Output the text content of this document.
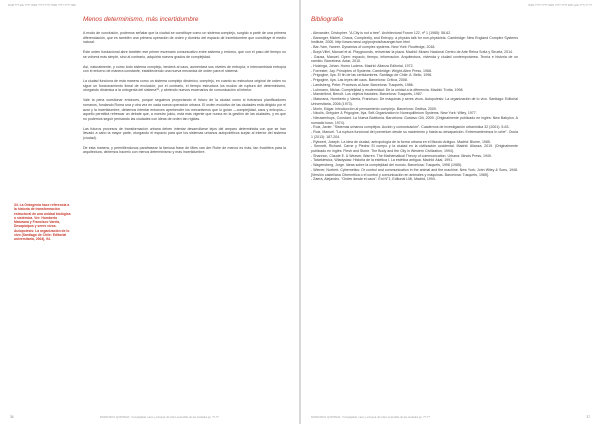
RUM ??? año ???? ISSN ????-???? ISSN ????-???? IMP.
Menos determinismo, más incertidumbre

A modo de conclusión, podemos señalar que la ciudad se constituye como un sistema complejo, surgido a partir de una primera diferenciación, que es también una primera operación de orden y dominio del espacio de incertidumbre que constituye el medio natural.

Este orden fundacional abre también ese primer escenario comunicativo entre sistema y entorno, que con el paso del tiempo no se volverá más simple, sino al contrario, adquirirá nuevos grados de complejidad.

Así, naturalmente, y como todo sistema complejo, tenderá al caos, aumentará sus niveles de entropía, e intercambiará entropía con el entorno de manera constante, estableciendo una nueva mecánica de orden para el sistema.

La ciudad funciona de esta manera como un sistema complejo dinámico; complejo, en cuanto su estructura original de orden no sigue un funcionamiento lineal de evolución; por el contrario, el tiempo estructura los modos de ruptura del determinismo, otorgando dinámica a la ontogenia del sistema³⁴, y abriendo nuevos escenarios de comunicación al interior.

Vale la pena cuestionar entonces, porqué seguimos proyectando el futuro de la ciudad como si fuéramos planificadores romanos, fundando Roma una y otra vez en cada nueva operación urbana. El orden evolutivo de las ciudades está dirigido por el azar y la incertidumbre, debemos intentar entonces aprehender los mecanismos que lo guían —complejidad, caos y entropía— aquello permitirá refrescar un debate que, a nuestro juicio, está más vigente que nunca en la gestión de las ciudades, y es que no podemos seguir pensando las ciudades con ideas de orden tan rígidas.

Las futuros procesos de transformación urbana deben intentar desarrollarse lejos del amparo determinista con que se han llevado a cabo la mayor parte, otorgando el espacio para que los sistemas urbanos autopoiéticos surjan al interior del sistema (ciudad).

De esta manera, y permitiéndonos parafrasear la famosa frase de Mies van der Rohe de menos es más, tan fructífera para la arquitectura, debemos hacerlo con menos determinismo y más incertidumbre.

34. La Ontogenia hace referencia a la historia de transformación estructural de una unidad biológica o sistémica. Ver: Humberto Maturana y Francisco Varela, Desapiaipos y seres vivos. Autopoiesis: La organización de lo vivo (Santiago de Chile: Editorial universitaria, 2004), 94.
FRANCISCO QUINTANA, "Complejidad, caos y entropía: El orden entendido de las ciudades pp. ??-??
36
ISSN ????-???? ISSN ????-???? IMP. (año ???) ?? ??
Bibliografía
- Alexander, Cristopher. "A City is not a tree". Architectural Forum 122, nº 1 (1965): 58-62.
- Baranger, Michel. Chaos, Complexity, and Entropy: a physics talk for non-physicists. Cambridge: New England Complex Systems Institute, 2000. http://www.necsi.org/projects/baranger/cce.html
- Bar-Yam, Yaneer. Dynamics of complex systems. New York: Routledge, 2018.
- Borja Villel, Manuel et al. Playgrounds, reinventar la plaza. Madrid: Museo Nacional Centro de Arte Reina Sofía y Siruela, 2014.
- Gausa, Manuel. Open: espacio, tiempo, información. Arquitectura, vivienda y ciudad contemporánea. Teoría e historia de un cambio. Barcelona: Actar, 2010.
- Huizinga, Johan. Homo Ludens. Madrid: Alianza Editorial, 1972.
- Forrester, Jay. Principles of Systems. Cambridge: Wright-Allen Press, 1968.
- Prigogine, Ilya. El fin de las certidumbres. Santiago de Chile: A. Bello, 1996.
- Prigogine, Ilya. Las leyes del caos. Barcelona: Crítica, 2008.
- Landsberg, Peter. Procesos al Azar. Barcelona: Tusquets, 1986.
- Luhmann, Niklas. Complejidad y modernidad: De la unidad a la diferencia. Madrid: Trotta, 1998.
- Mandelbrot, Benoît. Los objetos fractales. Barcelona: Tusquets, 1987.
- Maturana, Humberto y Varela, Francisco. De máquinas y seres vivos. Autopoiesis: La organización de lo vivo. Santiago: Editorial Universitaria, 2006 (1973).
- Morin, Edgar. Introducción al pensamiento complejo. Barcelona: Gedisa, 2009.
- Nicolis, Grégoire & Prigogine, Ilya. Self-Organization in Nonequilibrium Systems. New York: Wiley, 1977.
- Nieuwenhuys, Constant. La Nueva Babilonia. Barcelona: Gustavo Gili, 2009. (Originalmente publicado en inglés: New Babylon. A nomadic town, 1974).
- Ruiz, Javier. "Sistemas urbanos complejos. Acción y comunicación". Cuadernos de investigación urbanística 32 (2001): 5-63.
- Ruiz, Manuel. "La ruptura funcional del pomerium desde su nacimiento y hasta su desaparición. Entremantenimos In urbe". Ocula 1 (2013): 187-204.
- Rykwert, Joseph. La idea de ciudad, antropología de la forma urbana en el Mundo Antiguo. Madrid: Blume, 1985.
- Sennett, Richard. Carne y Piedra: El cuerpo y la ciudad en la civilización occidental. Madrid: Alianza, 2019. (Originalmente publicado en inglés: Flesh and Stone. The Body and the City in Western Civilization, 1994).
- Shannon, Claude E. & Weaver, Warren. The Mathematical Theory of communication. Urbana: Illinois Press, 1949.
- Tatarkiewicz, Wladyslaw. Historia de la estética I. La estética antigua. Madrid: Akal, 1991.
- Wagensberg, Jorge. Ideas sobre la complejidad del mundo. Barcelona: Tusquets, 1998 (1985).
- Wiener, Norbert. Cybernetics: Or control and communication in the animal and the machine. New York: John Wiley & Sons, 1948. [Versión castellana Cibernética o el control y comunicación en animales y máquinas. Barcelona: Tusquets, 1985].
- Zaera, Alejandro. "Orden desde el caos". Enl N°1, Editorial LMI, Madrid, 1994.
FRANCISCO QUINTANA, "Complejidad, caos y entropía: El orden entendido de las ciudades pp. ??-??	37
